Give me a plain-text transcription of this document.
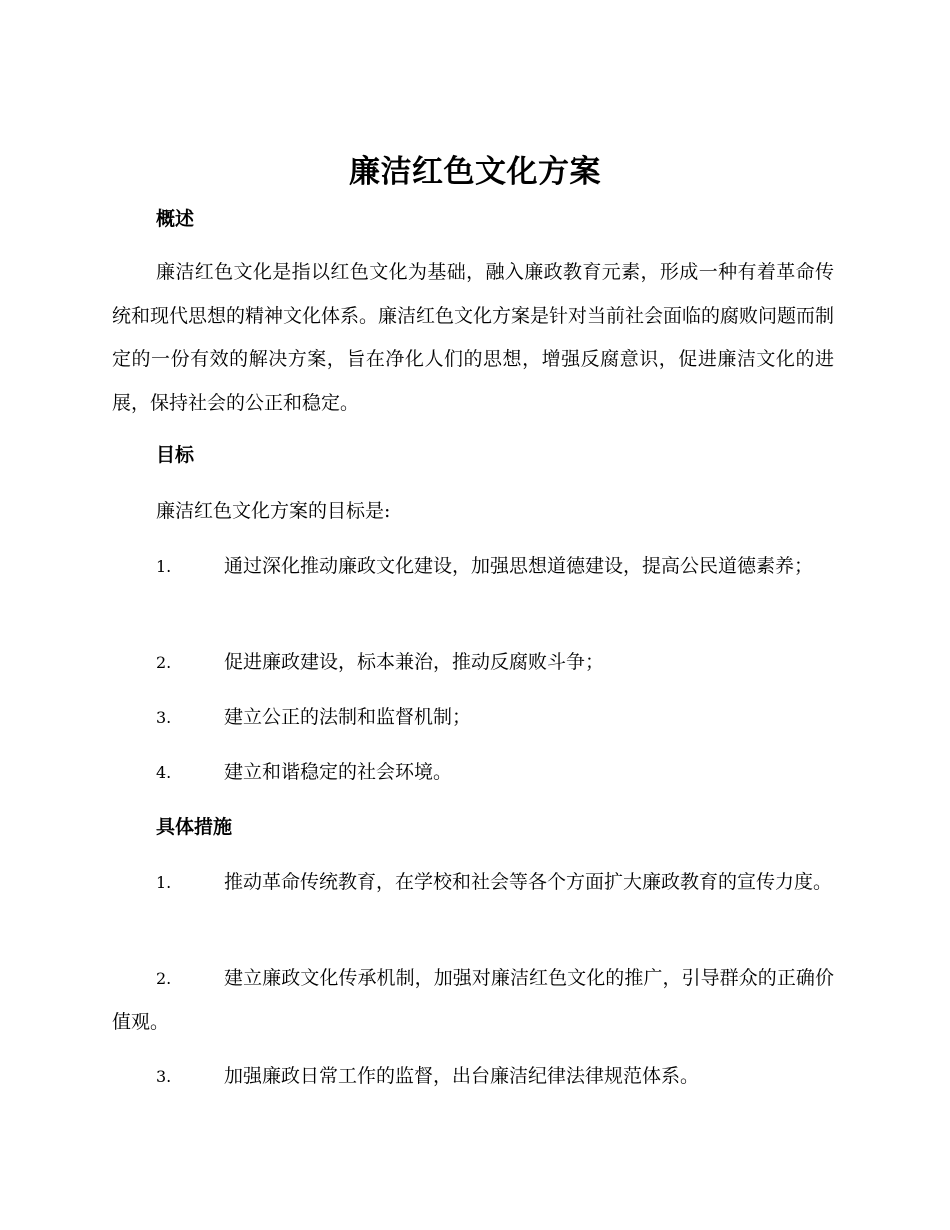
廉洁红色文化方案
概述
廉洁红色文化是指以红色文化为基础，融入廉政教育元素，形成一种有着革命传统和现代思想的精神文化体系。廉洁红色文化方案是针对当前社会面临的腐败问题而制定的一份有效的解决方案，旨在净化人们的思想，增强反腐意识，促进廉洁文化的进展，保持社会的公正和稳定。
目标
廉洁红色文化方案的目标是:
1.	通过深化推动廉政文化建设，加强思想道德建设，提高公民道德素养；
2.	促进廉政建设，标本兼治，推动反腐败斗争；
3.	建立公正的法制和监督机制；
4.	建立和谐稳定的社会环境。
具体措施
1.	推动革命传统教育，在学校和社会等各个方面扩大廉政教育的宣传力度。
2.	建立廉政文化传承机制，加强对廉洁红色文化的推广，引导群众的正确价值观。
3.	加强廉政日常工作的监督，出台廉洁纪律法律规范体系。
